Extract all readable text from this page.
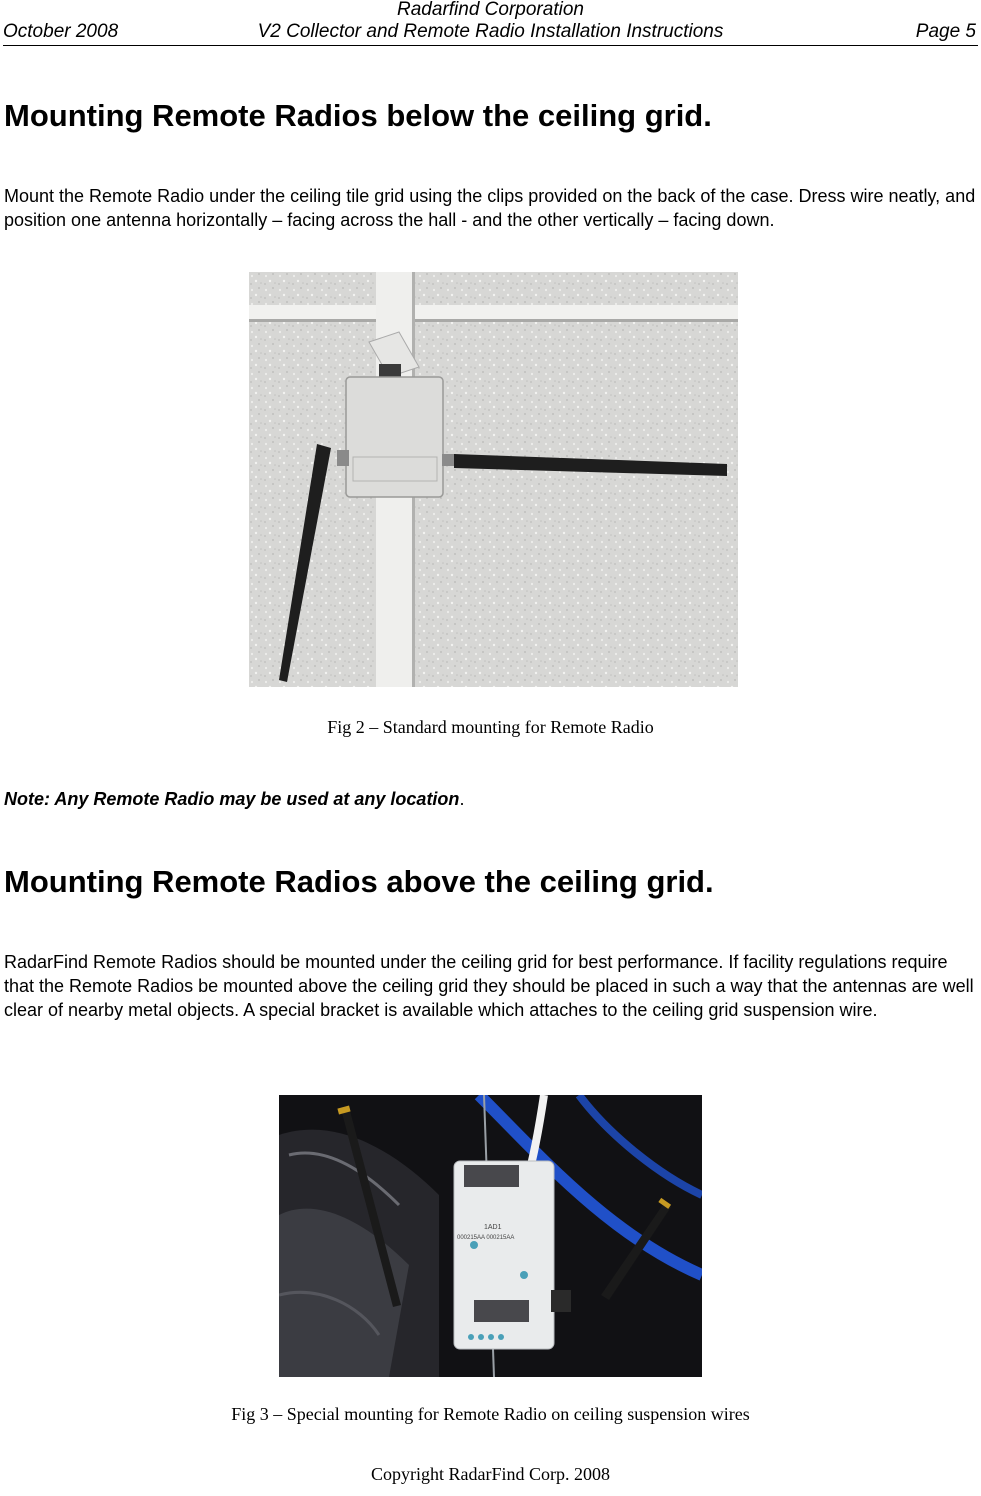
Radarfind Corporation
October 2008	V2 Collector and Remote Radio Installation Instructions	Page 5
Mounting Remote Radios below the ceiling grid.

Mount the Remote Radio under the ceiling tile grid using the clips provided on the back of the case. Dress wire neatly, and position one antenna horizontally – facing across the hall - and the other vertically – facing down.

Fig 2 – Standard mounting for Remote Radio
Note: Any Remote Radio may be used at any location.
Mounting Remote Radios above the ceiling grid.

RadarFind Remote Radios should be mounted under the ceiling grid for best performance. If facility regulations require that the Remote Radios be mounted above the ceiling grid they should be placed in such a way that the antennas are well clear of nearby metal objects. A special bracket is available which attaches to the ceiling grid suspension wire.

1AD1
000215AA 000215AA
Fig 3 – Special mounting for Remote Radio on ceiling suspension wires
Copyright RadarFind Corp. 2008
